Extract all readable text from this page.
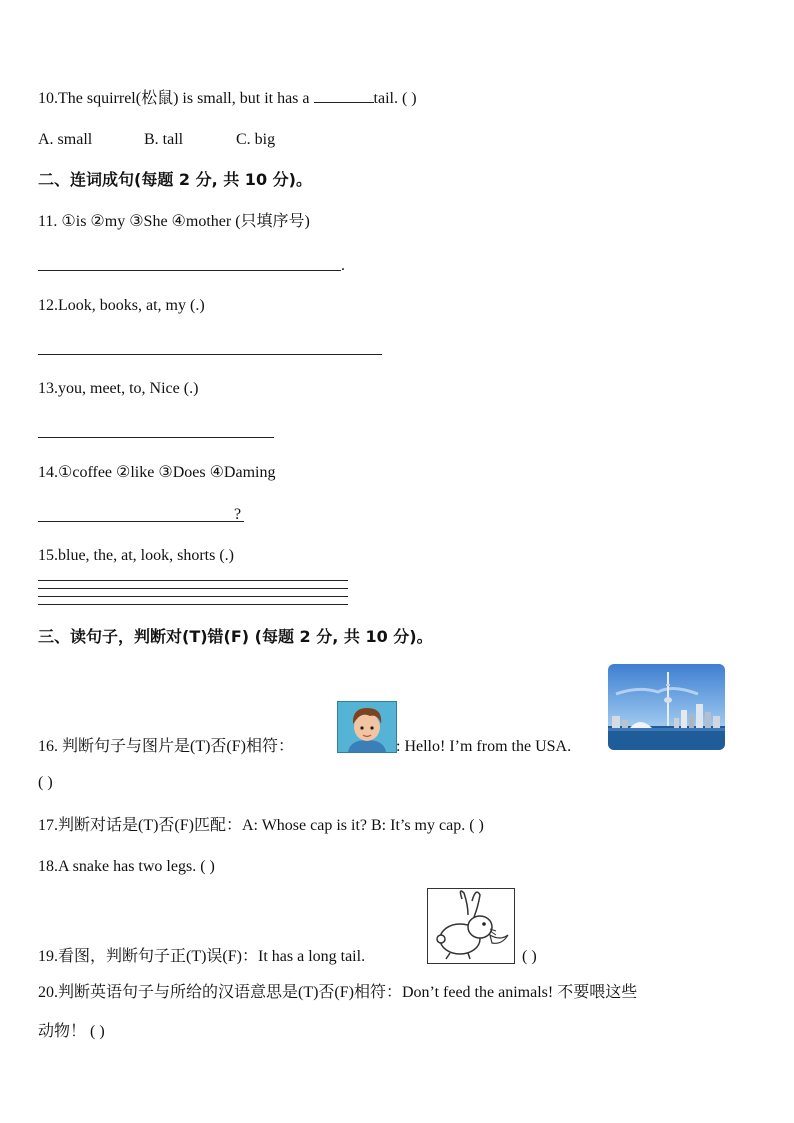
10.The squirrel(松鼠) is small, but it has a	tail. ( )
A. small	B. tall	C. big
二、连词成句(每题 2 分, 共 10 分)。
11. ①is ②my ③She ④mother (只填序号)
.
12.Look, books, at, my (.)
13.you, meet, to, Nice (.)
14.①coffee ②like ③Does ④Daming
?
15.blue, the, at, look, shorts (.)
三、读句子，判断对(T)错(F) (每题 2 分, 共 10 分)。
16. 判断句子与图片是(T)否(F)相符：	: Hello! I’m from the USA.
( )
17.判断对话是(T)否(F)匹配：A: Whose cap is it? B: It’s my cap. ( )
18.A snake has two legs. ( )
19.看图，判断句子正(T)误(F)：It has a long tail.	( )
20.判断英语句子与所给的汉语意思是(T)否(F)相符：Don’t feed the animals! 不要喂这些
动物！ ( )
